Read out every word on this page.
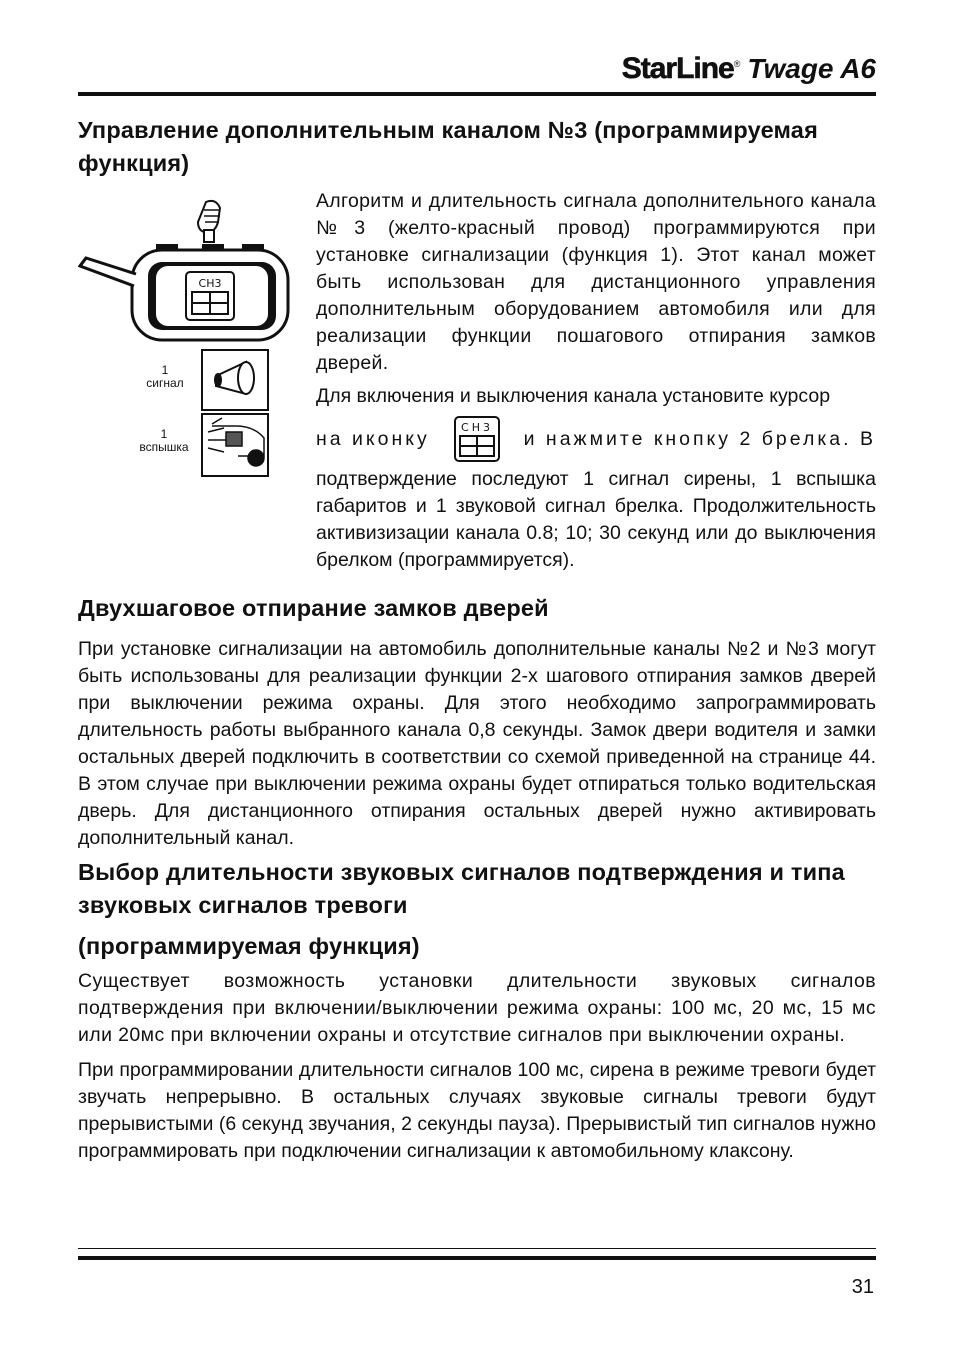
StarLine® Twage A6
Управление дополнительным каналом №3 (программируемая функция)
CH3
1
сигнал
1
вспышка

Алгоритм и длительность сигнала дополнительного канала №3 (желто-красный провод) программируются при установке сигнализации (функция 1). Этот канал может быть использован для дистанционного управления дополнительным оборудованием автомобиля или для реализации функции пошагового отпирания замков дверей.

Для включения и выключения канала установите курсор

на иконку	CH3 и нажмите кнопку 2 брелка. В

подтверждение последуют 1 сигнал сирены, 1 вспышка габаритов и 1 звуковой сигнал брелка. Продолжительность активизизации канала 0.8; 10; 30 секунд или до выключения брелком (программируется).

Двухшаговое отпирание замков дверей

При установке сигнализации на автомобиль дополнительные каналы №2 и №3 могут быть использованы для реализации функции 2-х шагового отпирания замков дверей при выключении режима охраны. Для этого необходимо запрограммировать длительность работы выбранного канала 0,8 секунды. Замок двери водителя и замки остальных дверей подключить в соответствии со схемой приведенной на странице 44. В этом случае при выключении режима охраны будет отпираться только водительская дверь. Для дистанционного отпирания остальных дверей нужно активировать дополнительный канал.

Выбор длительности звуковых сигналов подтверждения и типа звуковых сигналов тревоги
(программируемая функция)

Существует возможность установки длительности звуковых сигналов подтверждения при включении/выключении режима охраны: 100 мс, 20 мс, 15 мс или 20мс при включении охраны и отсутствие сигналов при выключении охраны.

При программировании длительности сигналов 100 мс, сирена в режиме тревоги будет звучать непрерывно. В остальных случаях звуковые сигналы тревоги будут прерывистыми (6 секунд звучания, 2 секунды пауза). Прерывистый тип сигналов нужно программировать при подключении сигнализации к автомобильному клаксону.

31
